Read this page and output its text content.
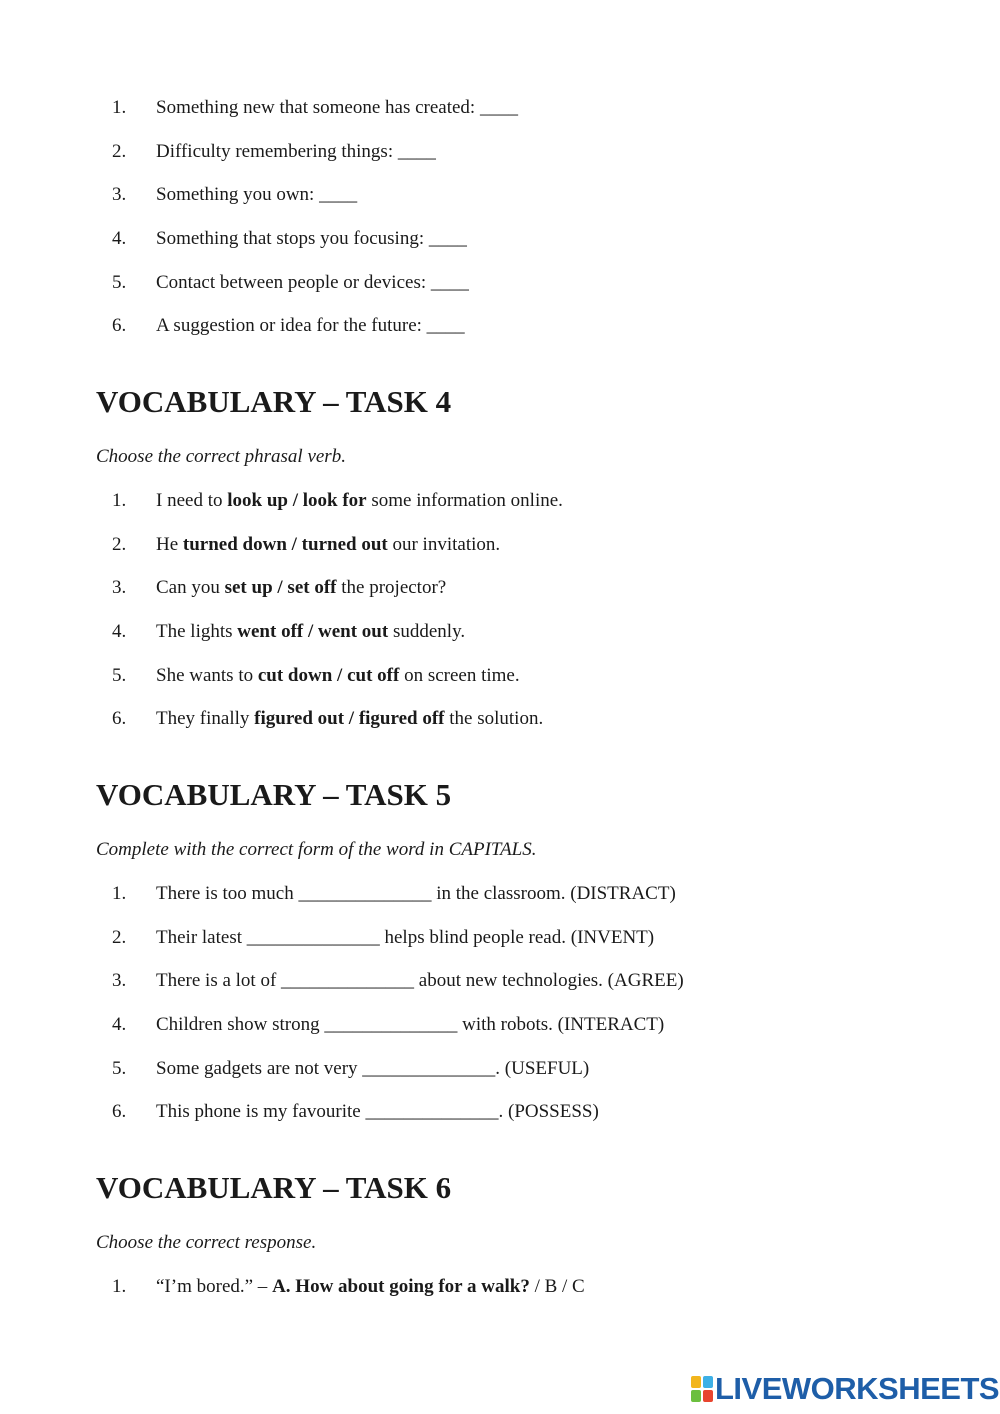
1. Something new that someone has created: ____
2. Difficulty remembering things: ____
3. Something you own: ____
4. Something that stops you focusing: ____
5. Contact between people or devices: ____
6. A suggestion or idea for the future: ____
VOCABULARY – TASK 4
Choose the correct phrasal verb.
1. I need to look up / look for some information online.
2. He turned down / turned out our invitation.
3. Can you set up / set off the projector?
4. The lights went off / went out suddenly.
5. She wants to cut down / cut off on screen time.
6. They finally figured out / figured off the solution.
VOCABULARY – TASK 5
Complete with the correct form of the word in CAPITALS.
1. There is too much ______________ in the classroom. (DISTRACT)
2. Their latest ______________ helps blind people read. (INVENT)
3. There is a lot of ______________ about new technologies. (AGREE)
4. Children show strong ______________ with robots. (INTERACT)
5. Some gadgets are not very ______________. (USEFUL)
6. This phone is my favourite ______________. (POSSESS)
VOCABULARY – TASK 6
Choose the correct response.
1. “I’m bored.” – A. How about going for a walk? / B / C
LIVEWORKSHEETS
